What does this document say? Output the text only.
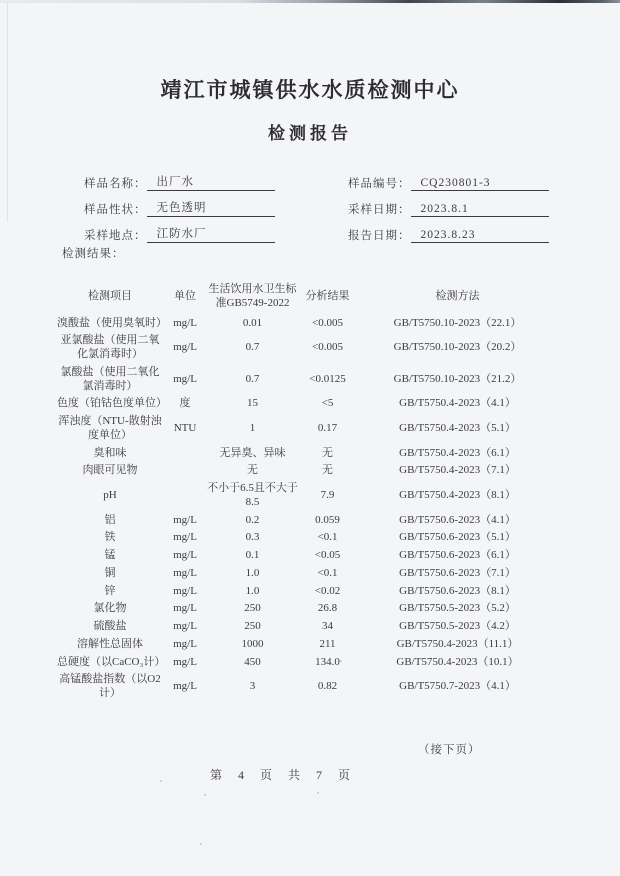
靖江市城镇供水水质检测中心
检测报告
样品名称： 出厂水
样品性状： 无色透明
采样地点： 江防水厂
样品编号： CQ230801-3
采样日期： 2023.8.1
报告日期： 2023.8.23
检测结果：
检测项目	单位	生活饮用水卫生标准GB5749-2022	分析结果	检测方法
溴酸盐（使用臭氧时）	mg/L	0.01	<0.005	GB/T5750.10-2023（22.1）
亚氯酸盐（使用二氧化氯消毒时）	mg/L	0.7	<0.005	GB/T5750.10-2023（20.2）
氯酸盐（使用二氧化氯消毒时）	mg/L	0.7	<0.0125	GB/T5750.10-2023（21.2）
色度（铂钴色度单位）	度	15	<5	GB/T5750.4-2023（4.1）
浑浊度（NTU-散射浊度单位）	NTU	1	0.17	GB/T5750.4-2023（5.1）
臭和味		无异臭、异味	无	GB/T5750.4-2023（6.1）
肉眼可见物		无	无	GB/T5750.4-2023（7.1）
pH		不小于6.5且不大于8.5	7.9	GB/T5750.4-2023（8.1）
铝	mg/L	0.2	0.059	GB/T5750.6-2023（4.1）
铁	mg/L	0.3	<0.1	GB/T5750.6-2023（5.1）
锰	mg/L	0.1	<0.05	GB/T5750.6-2023（6.1）
铜	mg/L	1.0	<0.1	GB/T5750.6-2023（7.1）
锌	mg/L	1.0	<0.02	GB/T5750.6-2023（8.1）
氯化物	mg/L	250	26.8	GB/T5750.5-2023（5.2）
硫酸盐	mg/L	250	34	GB/T5750.5-2023（4.2）
溶解性总固体	mg/L	1000	211	GB/T5750.4-2023（11.1）
总硬度（以CaCO₃计）	mg/L	450	134.0	GB/T5750.4-2023（10.1）
高锰酸盐指数（以O2计）	mg/L	3	0.82	GB/T5750.7-2023（4.1）
（接下页）
第 4 页 共 7 页
